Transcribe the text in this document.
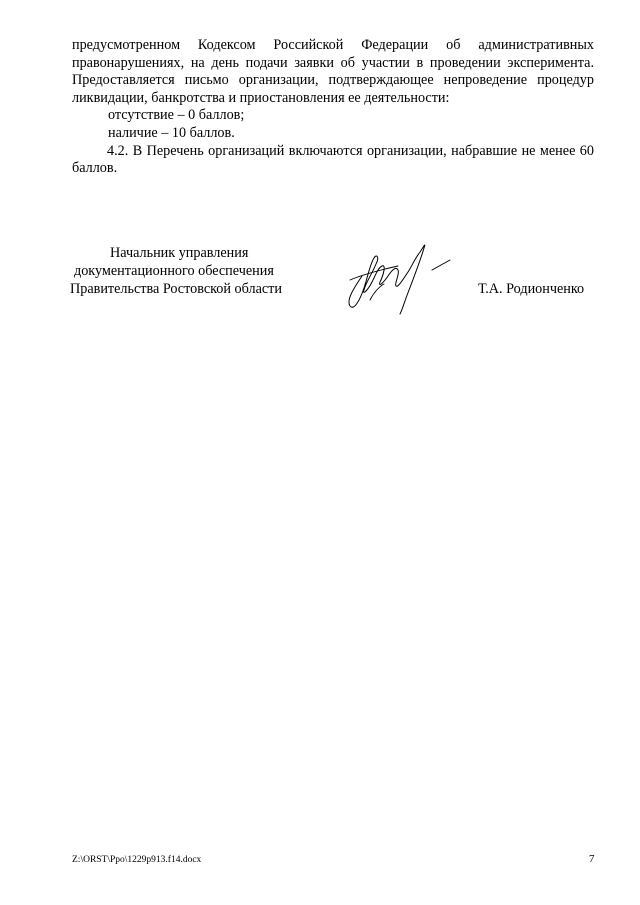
предусмотренном Кодексом Российской Федерации об административных правонарушениях, на день подачи заявки об участии в проведении эксперимента. Предоставляется письмо организации, подтверждающее непроведение процедур ликвидации, банкротства и приостановления ее деятельности:

отсутствие – 0 баллов;

наличие – 10 баллов.

4.2. В Перечень организаций включаются организации, набравшие не менее 60 баллов.

Начальник управления
документационного обеспечения
Правительства Ростовской области	Т.А. Родионченко
Z:\ORST\Ppo\1229p913.f14.docx	7
